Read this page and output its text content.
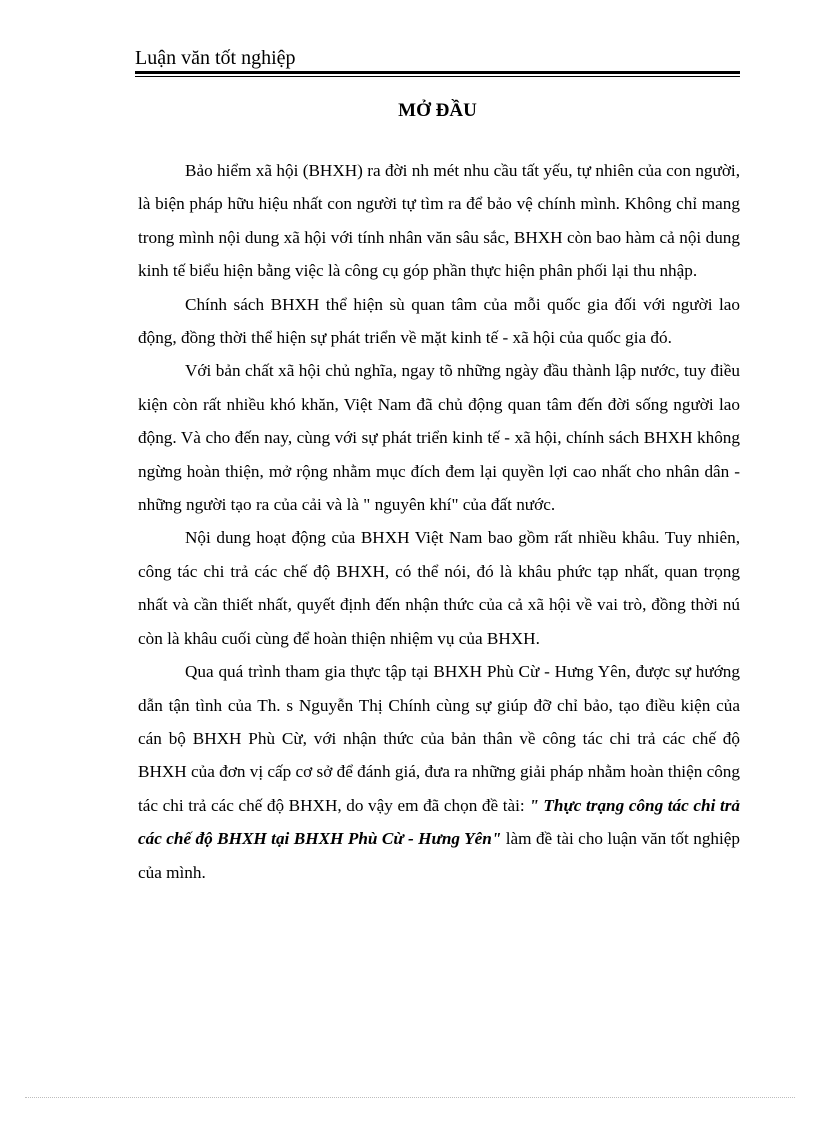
Luận văn tốt nghiệp
MỞ ĐẦU

Bảo hiểm xã hội (BHXH) ra đời nh mét nhu cầu tất yếu, tự nhiên của con người, là biện pháp hữu hiệu nhất con người tự tìm ra để bảo vệ chính mình. Không chỉ mang trong mình nội dung xã hội với tính nhân văn sâu sắc, BHXH còn bao hàm cả nội dung kinh tế biểu hiện bằng việc là công cụ góp phần thực hiện phân phối lại thu nhập.

Chính sách BHXH thể hiện sù quan tâm của mỗi quốc gia đối với người lao động, đồng thời thể hiện sự phát triển về mặt kinh tế - xã hội của quốc gia đó.

Với bản chất xã hội chủ nghĩa, ngay tõ những ngày đầu thành lập nước, tuy điều kiện còn rất nhiều khó khăn, Việt Nam đã chủ động quan tâm đến đời sống người lao động. Và cho đến nay, cùng với sự phát triển kinh tế - xã hội, chính sách BHXH không ngừng hoàn thiện, mở rộng nhằm mục đích đem lại quyền lợi cao nhất cho nhân dân - những người tạo ra của cải và là " nguyên khí" của đất nước.

Nội dung hoạt động của BHXH Việt Nam bao gồm rất nhiều khâu. Tuy nhiên, công tác chi trả các chế độ BHXH, có thể nói, đó là khâu phức tạp nhất, quan trọng nhất và cần thiết nhất, quyết định đến nhận thức của cả xã hội về vai trò, đồng thời nú còn là khâu cuối cùng để hoàn thiện nhiệm vụ của BHXH.

Qua quá trình tham gia thực tập tại BHXH Phù Cừ - Hưng Yên, được sự hướng dẫn tận tình của Th. s Nguyễn Thị Chính cùng sự giúp đỡ chỉ bảo, tạo điều kiện của cán bộ BHXH Phù Cừ, với nhận thức của bản thân về công tác chi trả các chế độ BHXH của đơn vị cấp cơ sở để đánh giá, đưa ra những giải pháp nhằm hoàn thiện công tác chi trả các chế độ BHXH, do vậy em đã chọn đề tài: " Thực trạng công tác chi trả các chế độ BHXH tại BHXH Phù Cừ - Hưng Yên" làm đề tài cho luận văn tốt nghiệp của mình.
